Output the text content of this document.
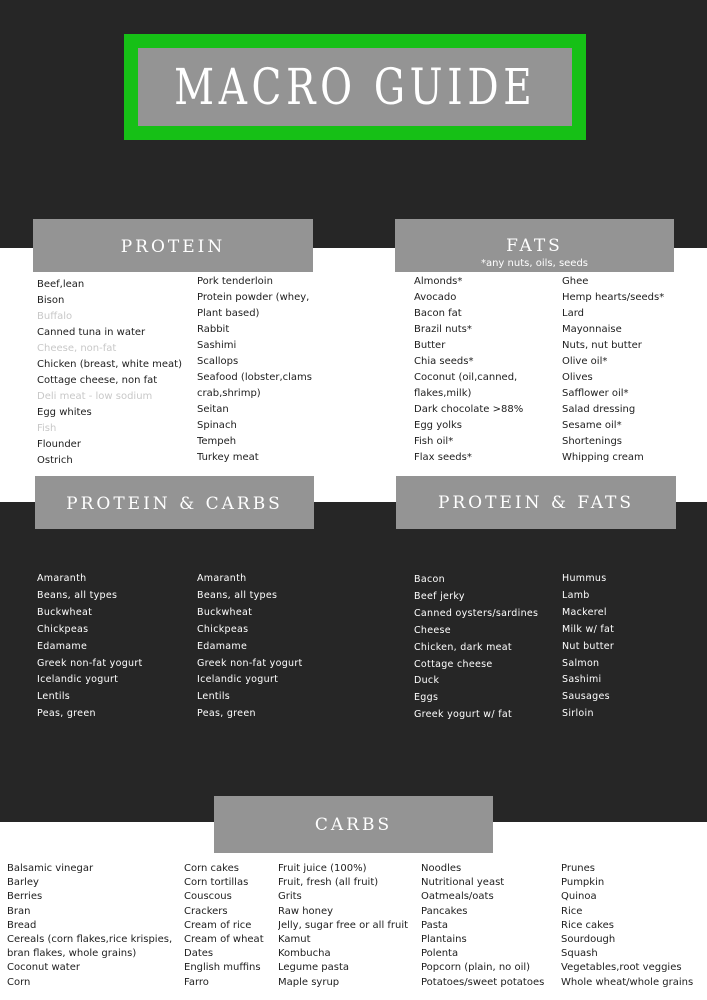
MACRO GUIDE
PROTEIN
Beef,lean
Bison
Buffalo
Canned tuna in water
Cheese, non-fat
Chicken (breast, white meat)
Cottage cheese, non fat
Deli meat - low sodium
Egg whites
Fish
Flounder
Ostrich
Pork tenderloin
Protein powder (whey,
Plant based)
Rabbit
Sashimi
Scallops
Seafood (lobster,clams
crab,shrimp)
Seitan
Spinach
Tempeh
Turkey meat
FATS
*any nuts, oils, seeds
Almonds*
Avocado
Bacon fat
Brazil nuts*
Butter
Chia seeds*
Coconut (oil,canned,
flakes,milk)
Dark chocolate >88%
Egg yolks
Fish oil*
Flax seeds*
Ghee
Hemp hearts/seeds*
Lard
Mayonnaise
Nuts, nut butter
Olive oil*
Olives
Safflower oil*
Salad dressing
Sesame oil*
Shortenings
Whipping cream
PROTEIN & CARBS
Amaranth
Beans, all types
Buckwheat
Chickpeas
Edamame
Greek non-fat yogurt
Icelandic yogurt
Lentils
Peas, green
Amaranth
Beans, all types
Buckwheat
Chickpeas
Edamame
Greek non-fat yogurt
Icelandic yogurt
Lentils
Peas, green
PROTEIN & FATS
Bacon
Beef jerky
Canned oysters/sardines
Cheese
Chicken, dark meat
Cottage cheese
Duck
Eggs
Greek yogurt w/ fat
Hummus
Lamb
Mackerel
Milk w/ fat
Nut butter
Salmon
Sashimi
Sausages
Sirloin
CARBS
Balsamic vinegar
Barley
Berries
Bran
Bread
Cereals (corn flakes,rice krispies,
bran flakes, whole grains)
Coconut water
Corn
Corn cakes
Corn tortillas
Couscous
Crackers
Cream of rice
Cream of wheat
Dates
English muffins
Farro
Fruit juice (100%)
Fruit, fresh (all fruit)
Grits
Raw honey
Jelly, sugar free or all fruit
Kamut
Kombucha
Legume pasta
Maple syrup
Noodles
Nutritional yeast
Oatmeals/oats
Pancakes
Pasta
Plantains
Polenta
Popcorn (plain, no oil)
Potatoes/sweet potatoes
Prunes
Pumpkin
Quinoa
Rice
Rice cakes
Sourdough
Squash
Vegetables,root veggies
Whole wheat/whole grains
